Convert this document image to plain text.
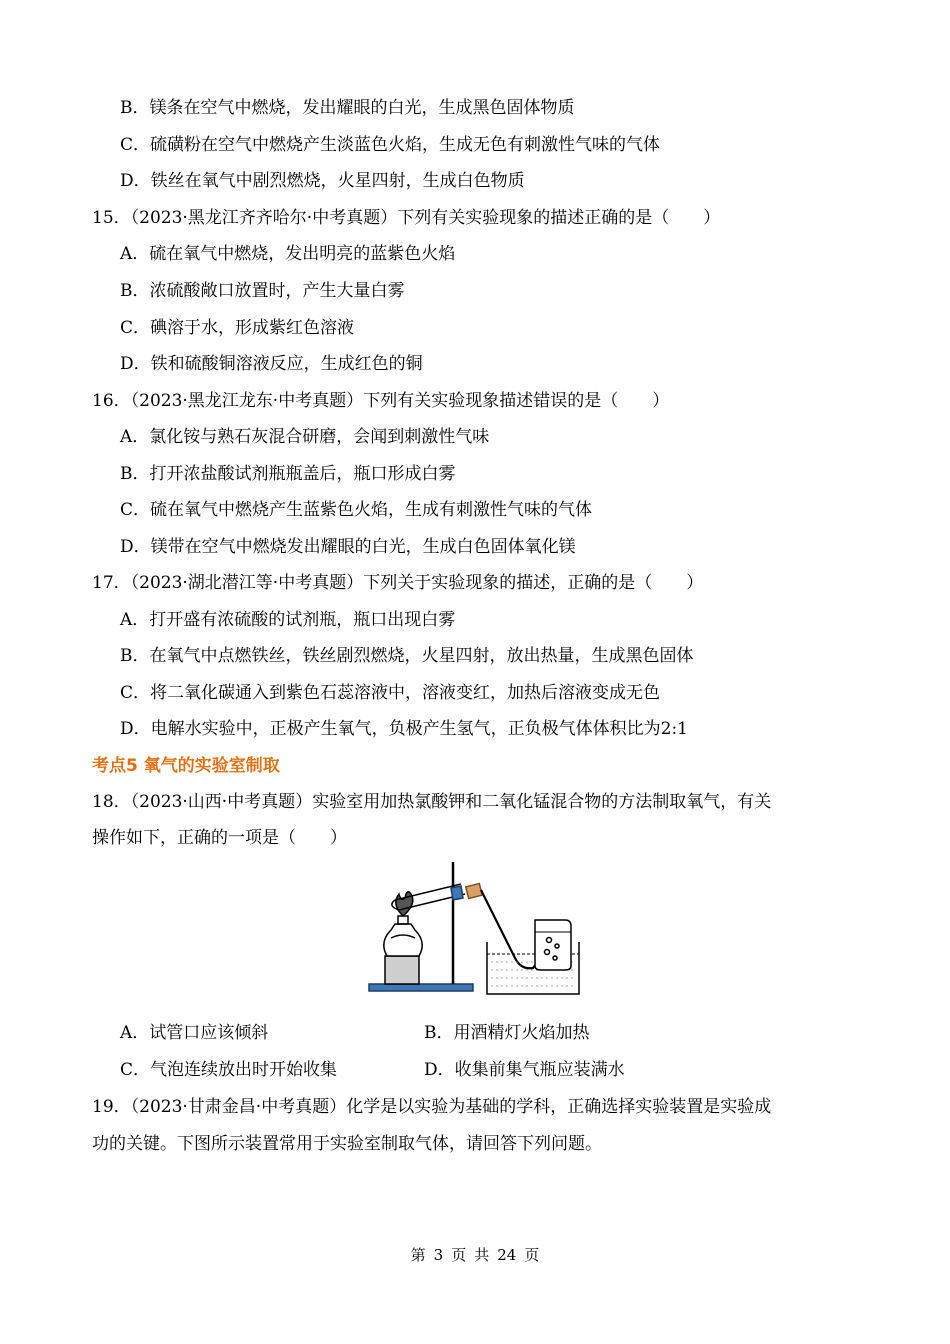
B．镁条在空气中燃烧，发出耀眼的白光，生成黑色固体物质
C．硫磺粉在空气中燃烧产生淡蓝色火焰，生成无色有刺激性气味的气体
D．铁丝在氧气中剧烈燃烧，火星四射，生成白色物质
15．（2023·黑龙江齐齐哈尔·中考真题）下列有关实验现象的描述正确的是（　　）
A．硫在氧气中燃烧，发出明亮的蓝紫色火焰
B．浓硫酸敞口放置时，产生大量白雾
C．碘溶于水，形成紫红色溶液
D．铁和硫酸铜溶液反应，生成红色的铜
16．（2023·黑龙江龙东·中考真题）下列有关实验现象描述错误的是（　　）
A．氯化铵与熟石灰混合研磨，会闻到刺激性气味
B．打开浓盐酸试剂瓶瓶盖后，瓶口形成白雾
C．硫在氧气中燃烧产生蓝紫色火焰，生成有刺激性气味的气体
D．镁带在空气中燃烧发出耀眼的白光，生成白色固体氧化镁
17．（2023·湖北潜江等·中考真题）下列关于实验现象的描述，正确的是（　　）
A．打开盛有浓硫酸的试剂瓶，瓶口出现白雾
B．在氧气中点燃铁丝，铁丝剧烈燃烧，火星四射，放出热量，生成黑色固体
C．将二氧化碳通入到紫色石蕊溶液中，溶液变红，加热后溶液变成无色
D．电解水实验中，正极产生氧气，负极产生氢气，正负极气体体积比为2:1
考点5 氧气的实验室制取
18．（2023·山西·中考真题）实验室用加热氯酸钾和二氧化锰混合物的方法制取氧气，有关
操作如下，正确的一项是（　　）
A．试管口应该倾斜	B．用酒精灯火焰加热
C．气泡连续放出时开始收集	D．收集前集气瓶应装满水
19．（2023·甘肃金昌·中考真题）化学是以实验为基础的学科，正确选择实验装置是实验成
功的关键。下图所示装置常用于实验室制取气体，请回答下列问题。
第 3 页 共 24 页
